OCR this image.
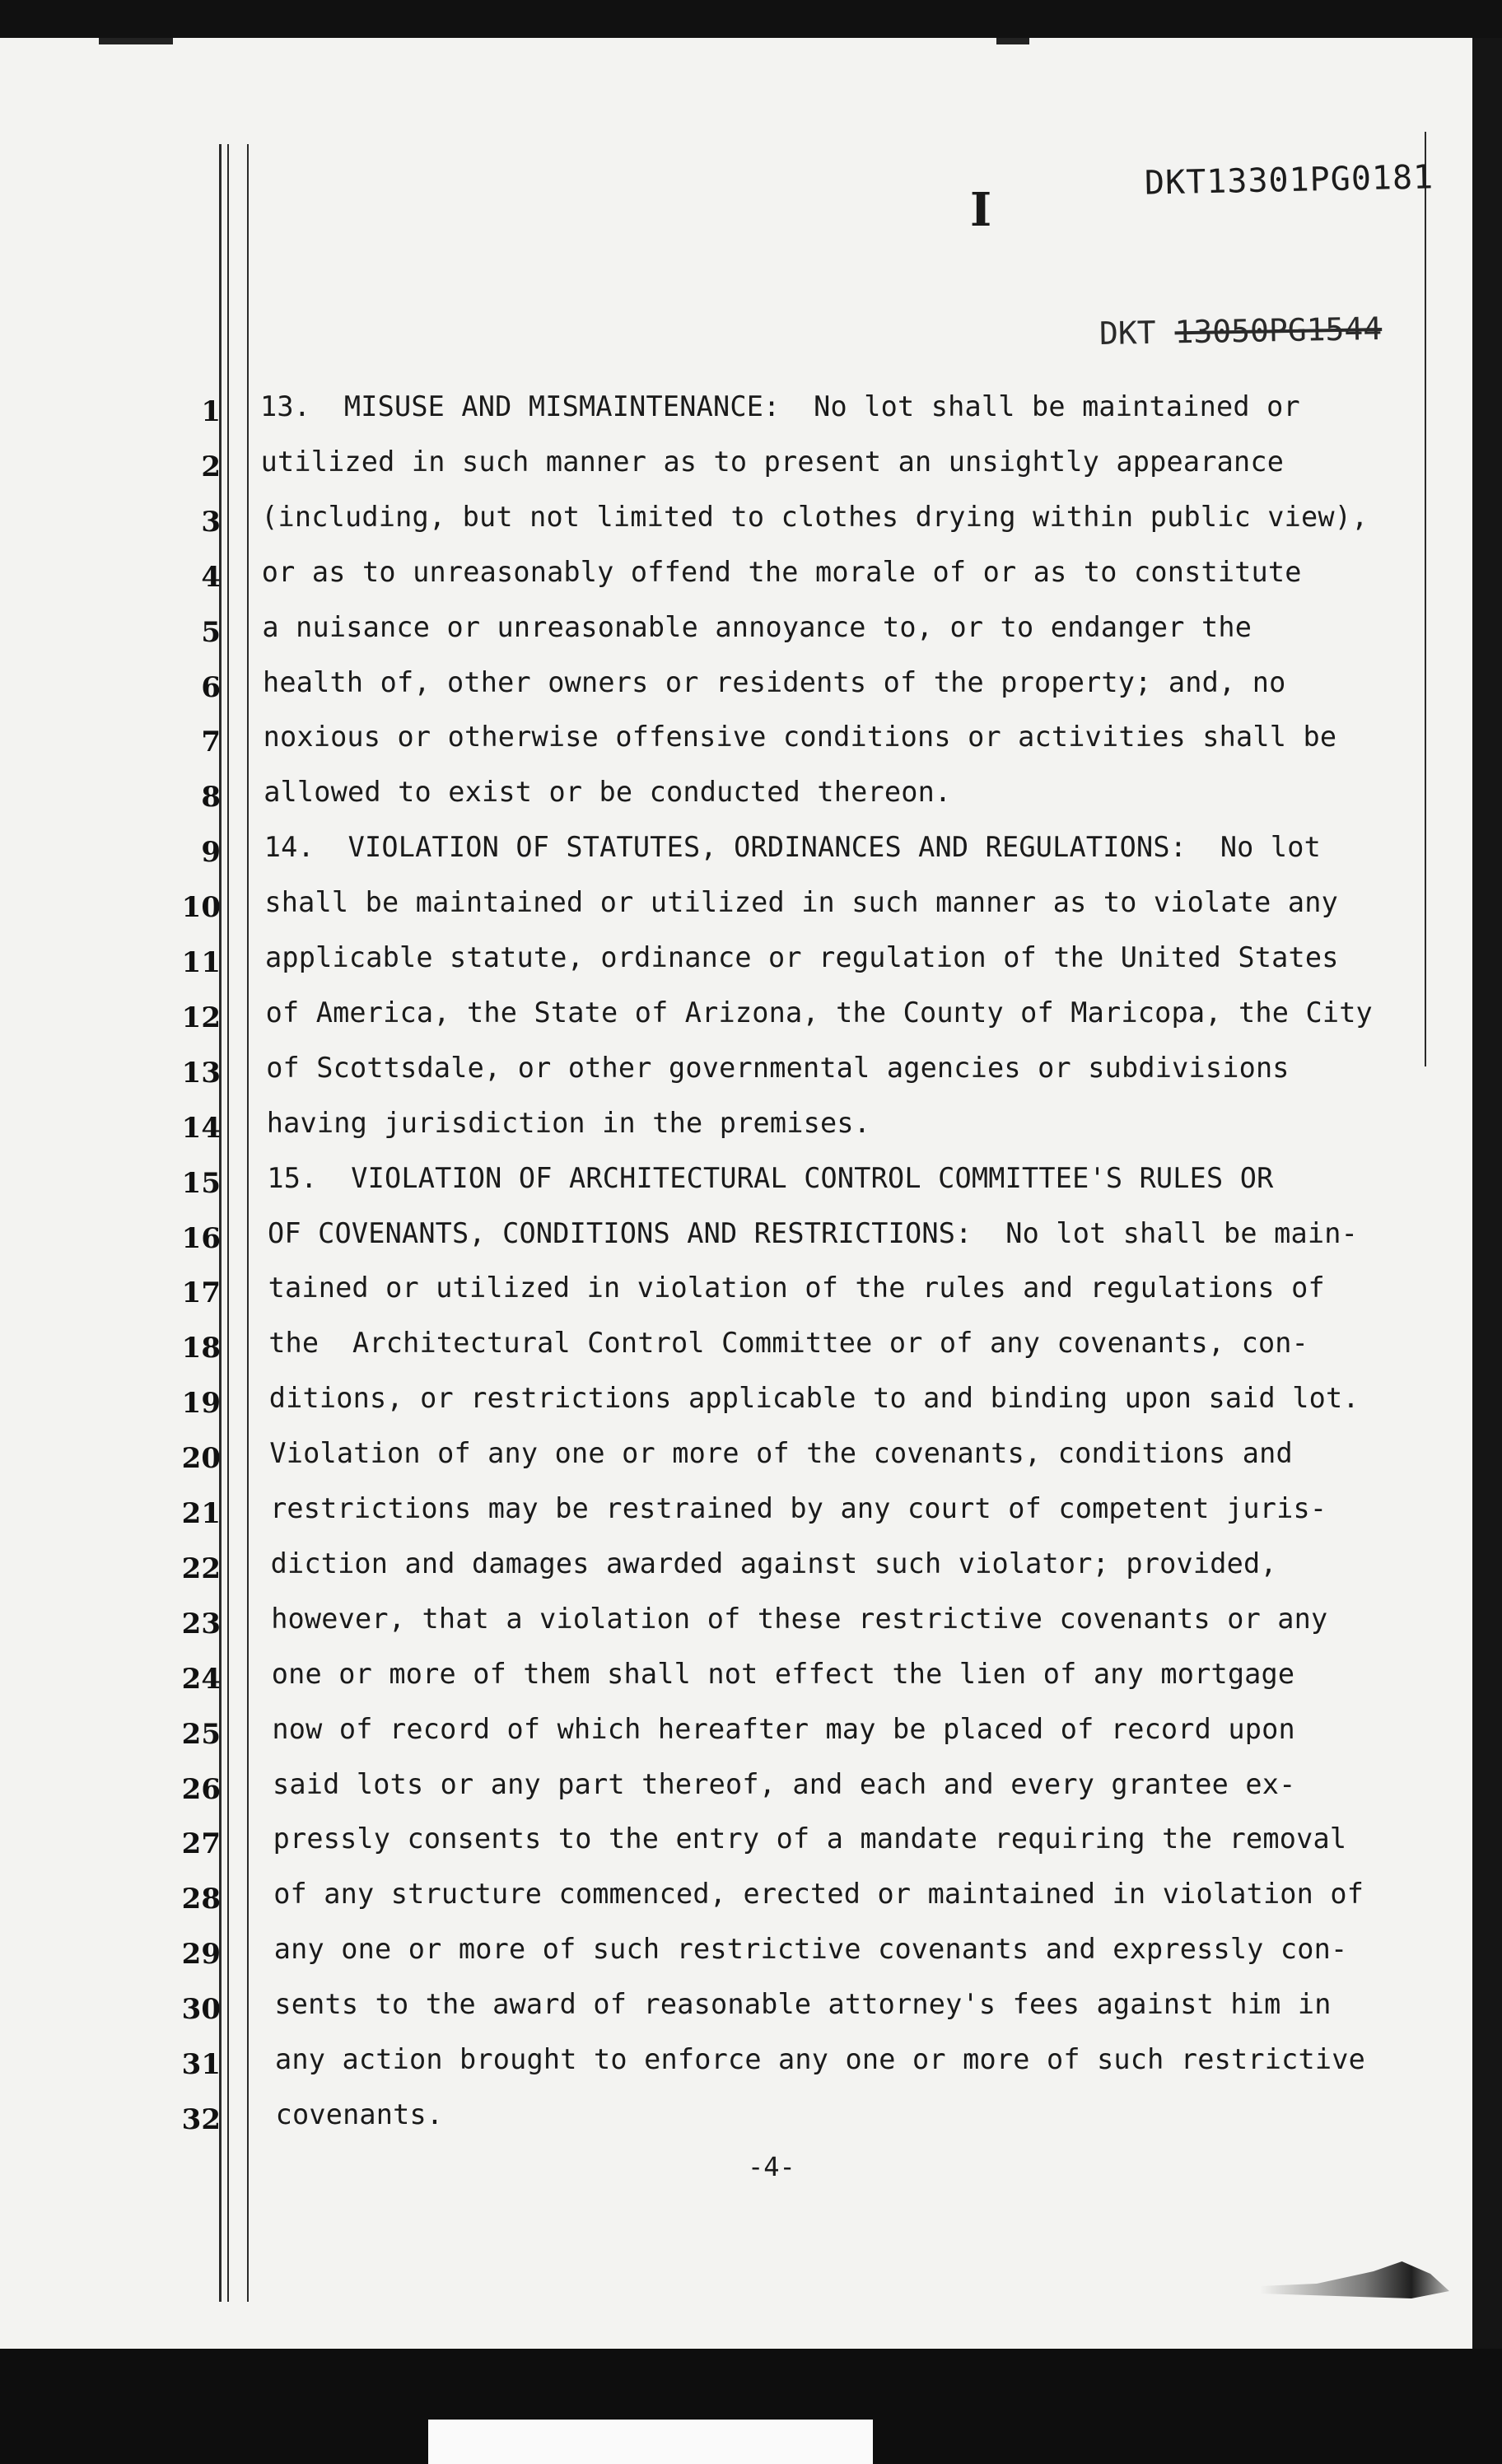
I
DKT13301PG0181
DKT 13050PG1544
1 13.  MISUSE AND MISMAINTENANCE:  No lot shall be maintained or
2 utilized in such manner as to present an unsightly appearance
3 (including, but not limited to clothes drying within public view),
4 or as to unreasonably offend the morale of or as to constitute
5 a nuisance or unreasonable annoyance to, or to endanger the
6 health of, other owners or residents of the property; and, no
7 noxious or otherwise offensive conditions or activities shall be
8 allowed to exist or be conducted thereon.
9 14.  VIOLATION OF STATUTES, ORDINANCES AND REGULATIONS:  No lot
10 shall be maintained or utilized in such manner as to violate any
11 applicable statute, ordinance or regulation of the United States
12 of America, the State of Arizona, the County of Maricopa, the City
13 of Scottsdale, or other governmental agencies or subdivisions
14 having jurisdiction in the premises.
15 15.  VIOLATION OF ARCHITECTURAL CONTROL COMMITTEE'S RULES OR
16 OF COVENANTS, CONDITIONS AND RESTRICTIONS:  No lot shall be main-
17 tained or utilized in violation of the rules and regulations of
18 the  Architectural Control Committee or of any covenants, con-
19 ditions, or restrictions applicable to and binding upon said lot.
20 Violation of any one or more of the covenants, conditions and
21 restrictions may be restrained by any court of competent juris-
22 diction and damages awarded against such violator; provided,
23 however, that a violation of these restrictive covenants or any
24 one or more of them shall not effect the lien of any mortgage
25 now of record of which hereafter may be placed of record upon
26 said lots or any part thereof, and each and every grantee ex-
27 pressly consents to the entry of a mandate requiring the removal
28 of any structure commenced, erected or maintained in violation of
29 any one or more of such restrictive covenants and expressly con-
30 sents to the award of reasonable attorney's fees against him in
31 any action brought to enforce any one or more of such restrictive
32 covenants.
-4-
